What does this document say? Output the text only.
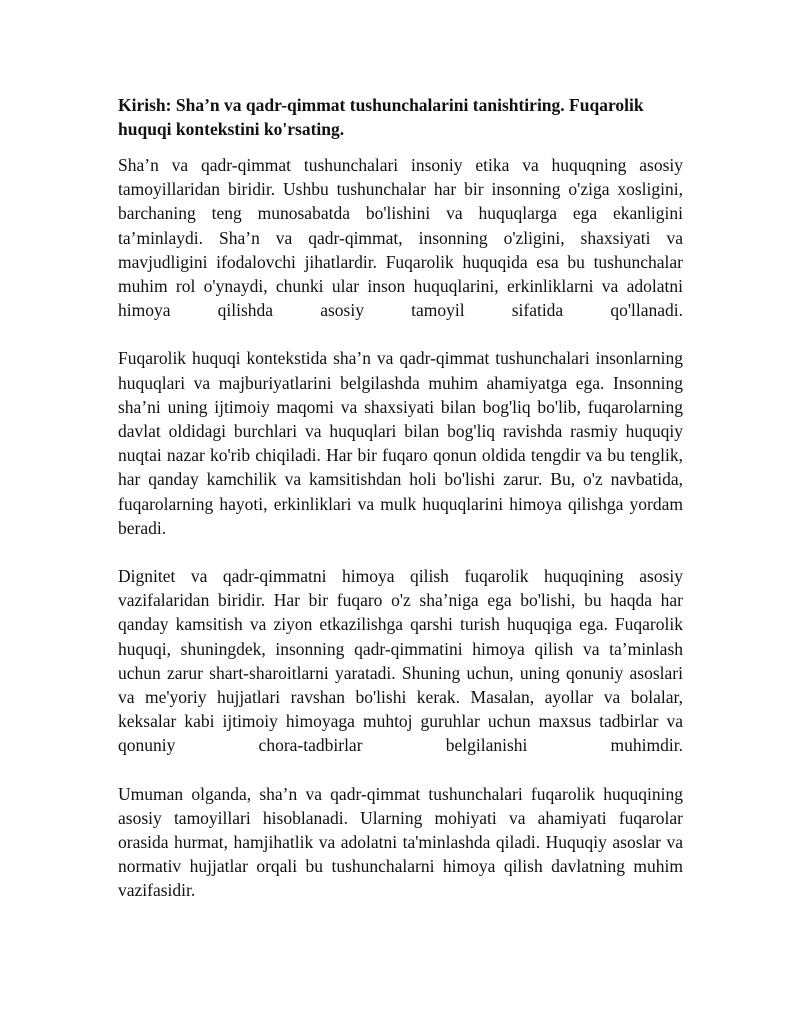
Kirish: Sha’n va qadr-qimmat tushunchalarini tanishtiring. Fuqarolik huquqi kontekstini ko'rsating.

Sha’n va qadr-qimmat tushunchalari insoniy etika va huquqning asosiy tamoyillaridan biridir. Ushbu tushunchalar har bir insonning o'ziga xosligini, barchaning teng munosabatda bo'lishini va huquqlarga ega ekanligini ta’minlaydi. Sha’n va qadr-qimmat, insonning o'zligini, shaxsiyati va mavjudligini ifodalovchi jihatlardir. Fuqarolik huquqida esa bu tushunchalar muhim rol o'ynaydi, chunki ular inson huquqlarini, erkinliklarni va adolatni himoya qilishda asosiy tamoyil sifatida qo'llanadi.

Fuqarolik huquqi kontekstida sha’n va qadr-qimmat tushunchalari insonlarning huquqlari va majburiyatlarini belgilashda muhim ahamiyatga ega. Insonning sha’ni uning ijtimoiy maqomi va shaxsiyati bilan bog'liq bo'lib, fuqarolarning davlat oldidagi burchlari va huquqlari bilan bog'liq ravishda rasmiy huquqiy nuqtai nazar ko'rib chiqiladi. Har bir fuqaro qonun oldida tengdir va bu tenglik, har qanday kamchilik va kamsitishdan holi bo'lishi zarur. Bu, o'z navbatida, fuqarolarning hayoti, erkinliklari va mulk huquqlarini himoya qilishga yordam beradi.

Dignitet va qadr-qimmatni himoya qilish fuqarolik huquqining asosiy vazifalaridan biridir. Har bir fuqaro o'z sha’niga ega bo'lishi, bu haqda har qanday kamsitish va ziyon etkazilishga qarshi turish huquqiga ega. Fuqarolik huquqi, shuningdek, insonning qadr-qimmatini himoya qilish va ta’minlash uchun zarur shart-sharoitlarni yaratadi. Shuning uchun, uning qonuniy asoslari va me'yoriy hujjatlari ravshan bo'lishi kerak. Masalan, ayollar va bolalar, keksalar kabi ijtimoiy himoyaga muhtoj guruhlar uchun maxsus tadbirlar va qonuniy chora-tadbirlar belgilanishi muhimdir.

Umuman olganda, sha’n va qadr-qimmat tushunchalari fuqarolik huquqining asosiy tamoyillari hisoblanadi. Ularning mohiyati va ahamiyati fuqarolar orasida hurmat, hamjihatlik va adolatni ta'minlashda qiladi. Huquqiy asoslar va normativ hujjatlar orqali bu tushunchalarni himoya qilish davlatning muhim vazifasidir.
